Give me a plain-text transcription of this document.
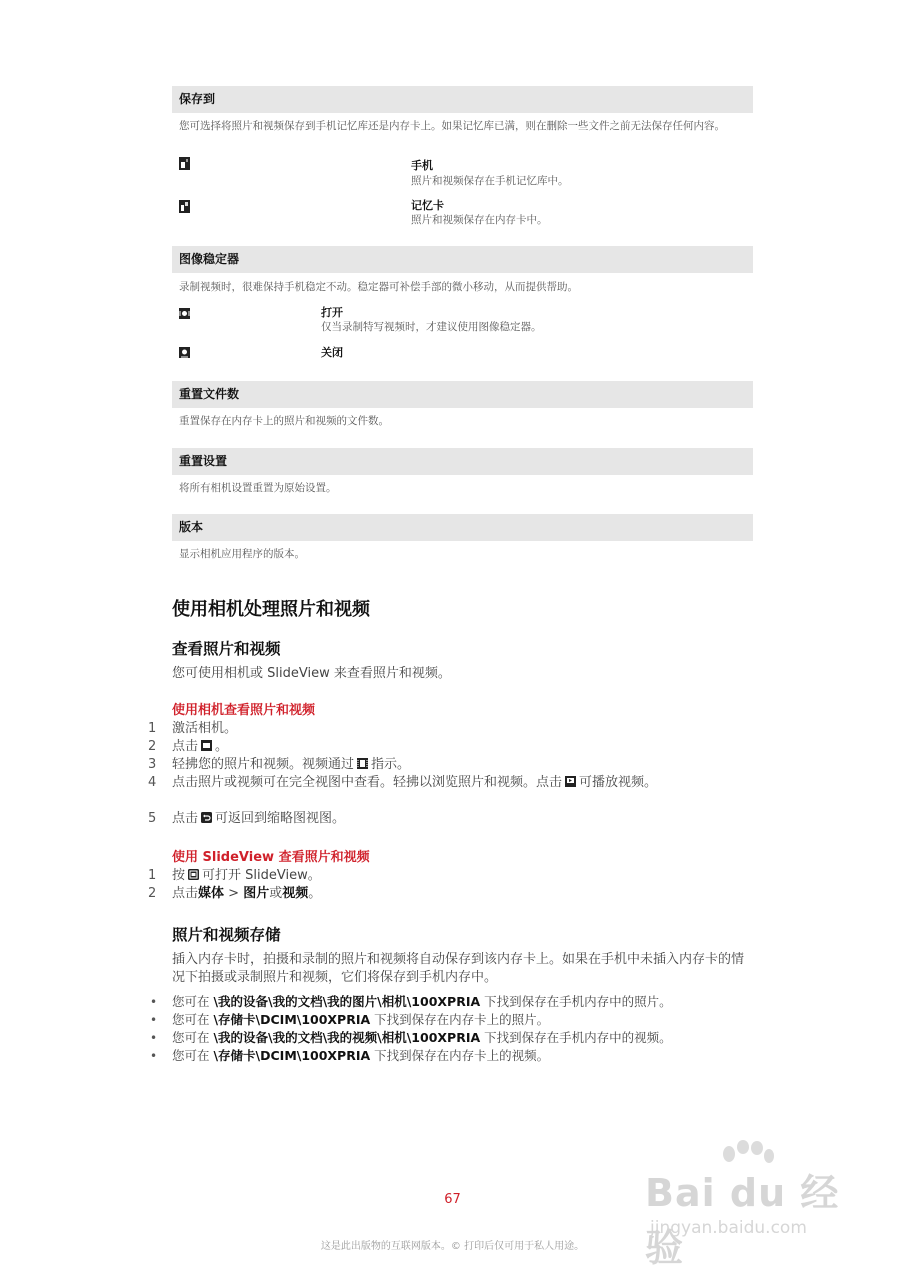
保存到
您可选择将照片和视频保存到手机记忆库还是内存卡上。如果记忆库已满，则在删除一些文件之前无法保存任何内容。
手机
照片和视频保存在手机记忆库中。
记忆卡
照片和视频保存在内存卡中。
图像稳定器
录制视频时，很难保持手机稳定不动。稳定器可补偿手部的微小移动，从而提供帮助。
打开
仅当录制特写视频时，才建议使用图像稳定器。
关闭
重置文件数
重置保存在内存卡上的照片和视频的文件数。
重置设置
将所有相机设置重置为原始设置。
版本
显示相机应用程序的版本。
使用相机处理照片和视频
查看照片和视频
您可使用相机或 SlideView 来查看照片和视频。
使用相机查看照片和视频
1 激活相机。
2 点击 。
3 轻拂您的照片和视频。视频通过 指示。
4 点击照片或视频可在完全视图中查看。轻拂以浏览照片和视频。点击 可播放视频。
5 点击 可返回到缩略图视图。
使用 SlideView 查看照片和视频
1 按 可打开 SlideView。
2 点击媒体 > 图片或视频。
照片和视频存储
插入内存卡时，拍摄和录制的照片和视频将自动保存到该内存卡上。如果在手机中未插入内存卡的情况下拍摄或录制照片和视频，它们将保存到手机内存中。
• 您可在 \我的设备\我的文档\我的图片\相机\100XPRIA 下找到保存在手机内存中的照片。
• 您可在 \存储卡\DCIM\100XPRIA 下找到保存在内存卡上的照片。
• 您可在 \我的设备\我的文档\我的视频\相机\100XPRIA 下找到保存在手机内存中的视频。
• 您可在 \存储卡\DCIM\100XPRIA 下找到保存在内存卡上的视频。
Bai du 经验
jingyan.baidu.com
67
这是此出版物的互联网版本。© 打印后仅可用于私人用途。
